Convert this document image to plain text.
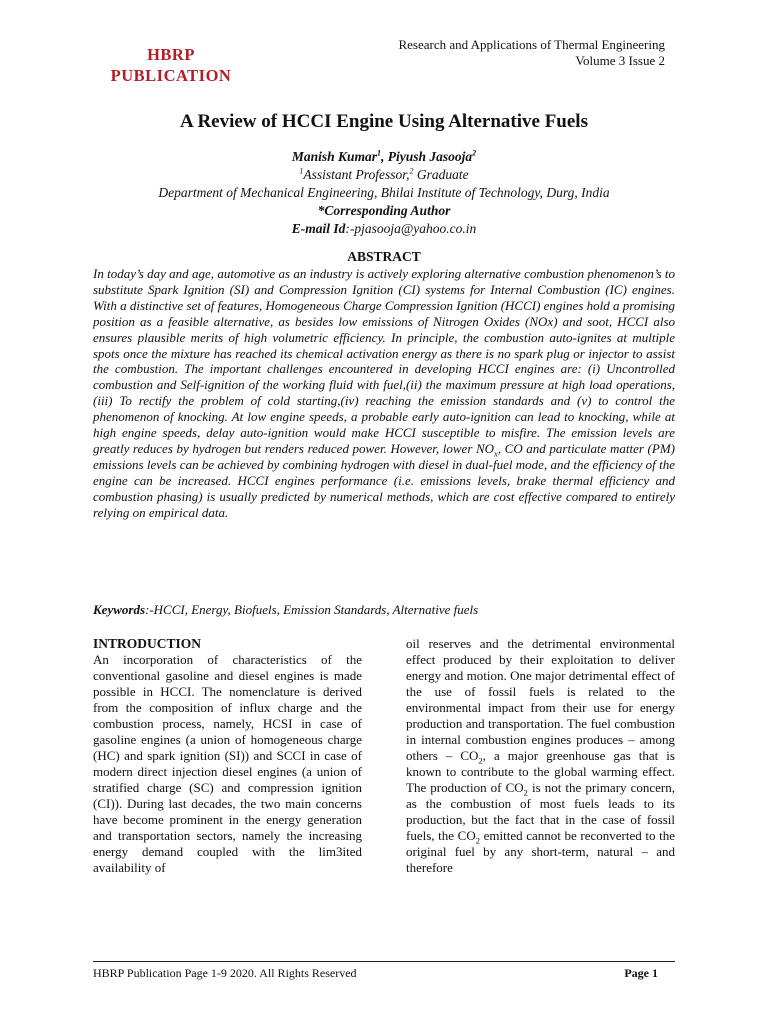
HBRP
PUBLICATION
Research and Applications of Thermal Engineering
Volume 3 Issue 2
A Review of HCCI Engine Using Alternative Fuels
Manish Kumar$^1$, Piyush Jasooja$^2$
$^1$Assistant Professor,$^2$ Graduate
Department of Mechanical Engineering, Bhilai Institute of Technology, Durg, India
*Corresponding Author
E-mail Id:-pjasooja@yahoo.co.in
ABSTRACT
In today’s day and age, automotive as an industry is actively exploring alternative combustion phenomenon’s to substitute Spark Ignition (SI) and Compression Ignition (CI) systems for Internal Combustion (IC) engines. With a distinctive set of features, Homogeneous Charge Compression Ignition (HCCI) engines hold a promising position as a feasible alternative, as besides low emissions of Nitrogen Oxides (NOx) and soot, HCCI also ensures plausible merits of high volumetric efficiency. In principle, the combustion auto-ignites at multiple spots once the mixture has reached its chemical activation energy as there is no spark plug or injector to assist the combustion. The important challenges encountered in developing HCCI engines are: (i) Uncontrolled combustion and Self-ignition of the working fluid with fuel,(ii) the maximum pressure at high load operations,(iii) To rectify the problem of cold starting,(iv) reaching the emission standards and (v) to control the phenomenon of knocking. At low engine speeds, a probable early auto-ignition can lead to knocking, while at high engine speeds, delay auto-ignition would make HCCI susceptible to misfire. The emission levels are greatly reduces by hydrogen but renders reduced power. However, lower $NO_x$, CO and particulate matter (PM) emissions levels can be achieved by combining hydrogen with diesel in dual-fuel mode, and the efficiency of the engine can be increased. HCCI engines performance (i.e. emissions levels, brake thermal efficiency and combustion phasing) is usually predicted by numerical methods, which are cost effective compared to entirely relying on empirical data.
Keywords:-HCCI, Energy, Biofuels, Emission Standards, Alternative fuels
INTRODUCTION
An incorporation of characteristics of the conventional gasoline and diesel engines is made possible in HCCI. The nomenclature is derived from the composition of influx charge and the combustion process, namely, HCSI in case of gasoline engines (a union of homogeneous charge (HC) and spark ignition (SI)) and SCCI in case of modern direct injection diesel engines (a union of stratified charge (SC) and compression ignition (CI)). During last decades, the two main concerns have become prominent in the energy generation and transportation sectors, namely the increasing energy demand coupled with the lim3ited availability of
oil reserves and the detrimental environmental effect produced by their exploitation to deliver energy and motion. One major detrimental effect of the use of fossil fuels is related to the environmental impact from their use for energy production and transportation. The fuel combustion in internal combustion engines produces – among others – $CO_2$, a major greenhouse gas that is known to contribute to the global warming effect. The production of $CO_2$ is not the primary concern, as the combustion of most fuels leads to its production, but the fact that in the case of fossil fuels, the $CO_2$ emitted cannot be reconverted to the original fuel by any short-term, natural – and therefore
HBRP Publication Page 1-9 2020. All Rights Reserved	Page 1
